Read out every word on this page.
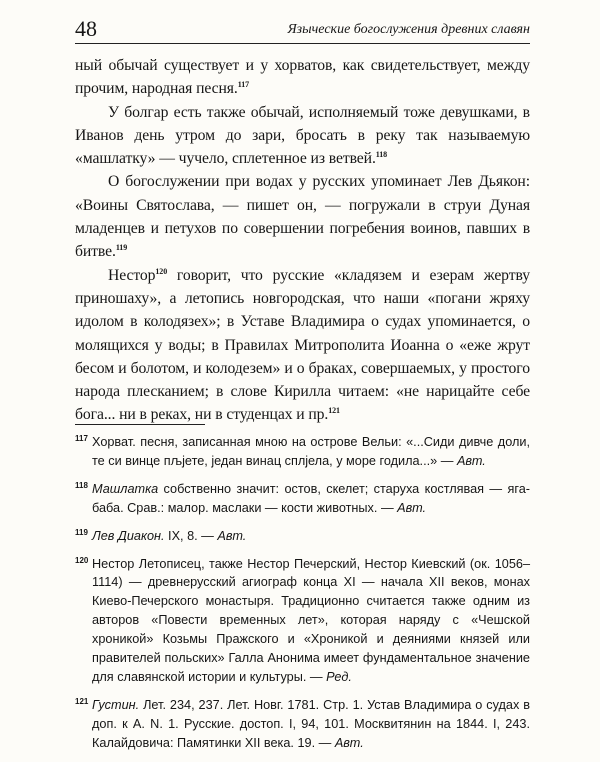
48	Языческие богослужения древних славян

ный обычай существует и у хорватов, как свидетельствует, между прочим, народная песня.$^{117}$

У болгар есть также обычай, исполняемый тоже девушками, в Иванов день утром до зари, бросать в реку так называемую «машлатку» — чучело, сплетенное из ветвей.$^{118}$

О богослужении при водах у русских упоминает Лев Дьякон: «Воины Святослава, — пишет он, — погружали в струи Дуная младенцев и петухов по совершении погребения воинов, павших в битве.$^{119}$

Нестор$^{120}$ говорит, что русские «кладязем и езерам жертву приношаху», а летопись новгородская, что наши «погани жряху идолом в колодязех»; в Уставе Владимира о судах упоминается, о молящихся у воды; в Правилах Митрополита Иоанна о «еже жрут бесом и болотом, и колодезем» и о браках, совершаемых, у простого народа плесканием; в слове Кирилла читаем: «не нарицайте себе бога... ни в реках, ни в студенцах и пр.$^{121}$

117 Хорват. песня, записанная мною на острове Вельи: «...Сиди дивче доли, те си винце пљjете, jедан винац сплjела, у море годила...» — Авт.
118 Машлатка собственно значит: остов, скелет; старуха костлявая — яга-баба. Срав.: малор. маслаки — кости животных. — Авт.
119 Лев Диакон. IX, 8. — Авт.
120 Нестор Летописец, также Нестор Печерский, Нестор Киевский (ок. 1056–1114) — древнерусский агиограф конца XI — начала XII веков, монах Киево-Печерского монастыря. Традиционно считается также одним из авторов «Повести временных лет», которая наряду с «Чешской хроникой» Козьмы Пражского и «Хроникой и деяниями князей или правителей польских» Галла Анонима имеет фундаментальное значение для славянской истории и культуры. — Ред.
121 Густин. Лет. 234, 237. Лет. Новг. 1781. Стр. 1. Устав Владимира о судах в доп. к А. N. 1. Русские. достоп. I, 94, 101. Москвитянин на 1844. I, 243. Калайдовича: Памятинки XII века. 19. — Авт.
